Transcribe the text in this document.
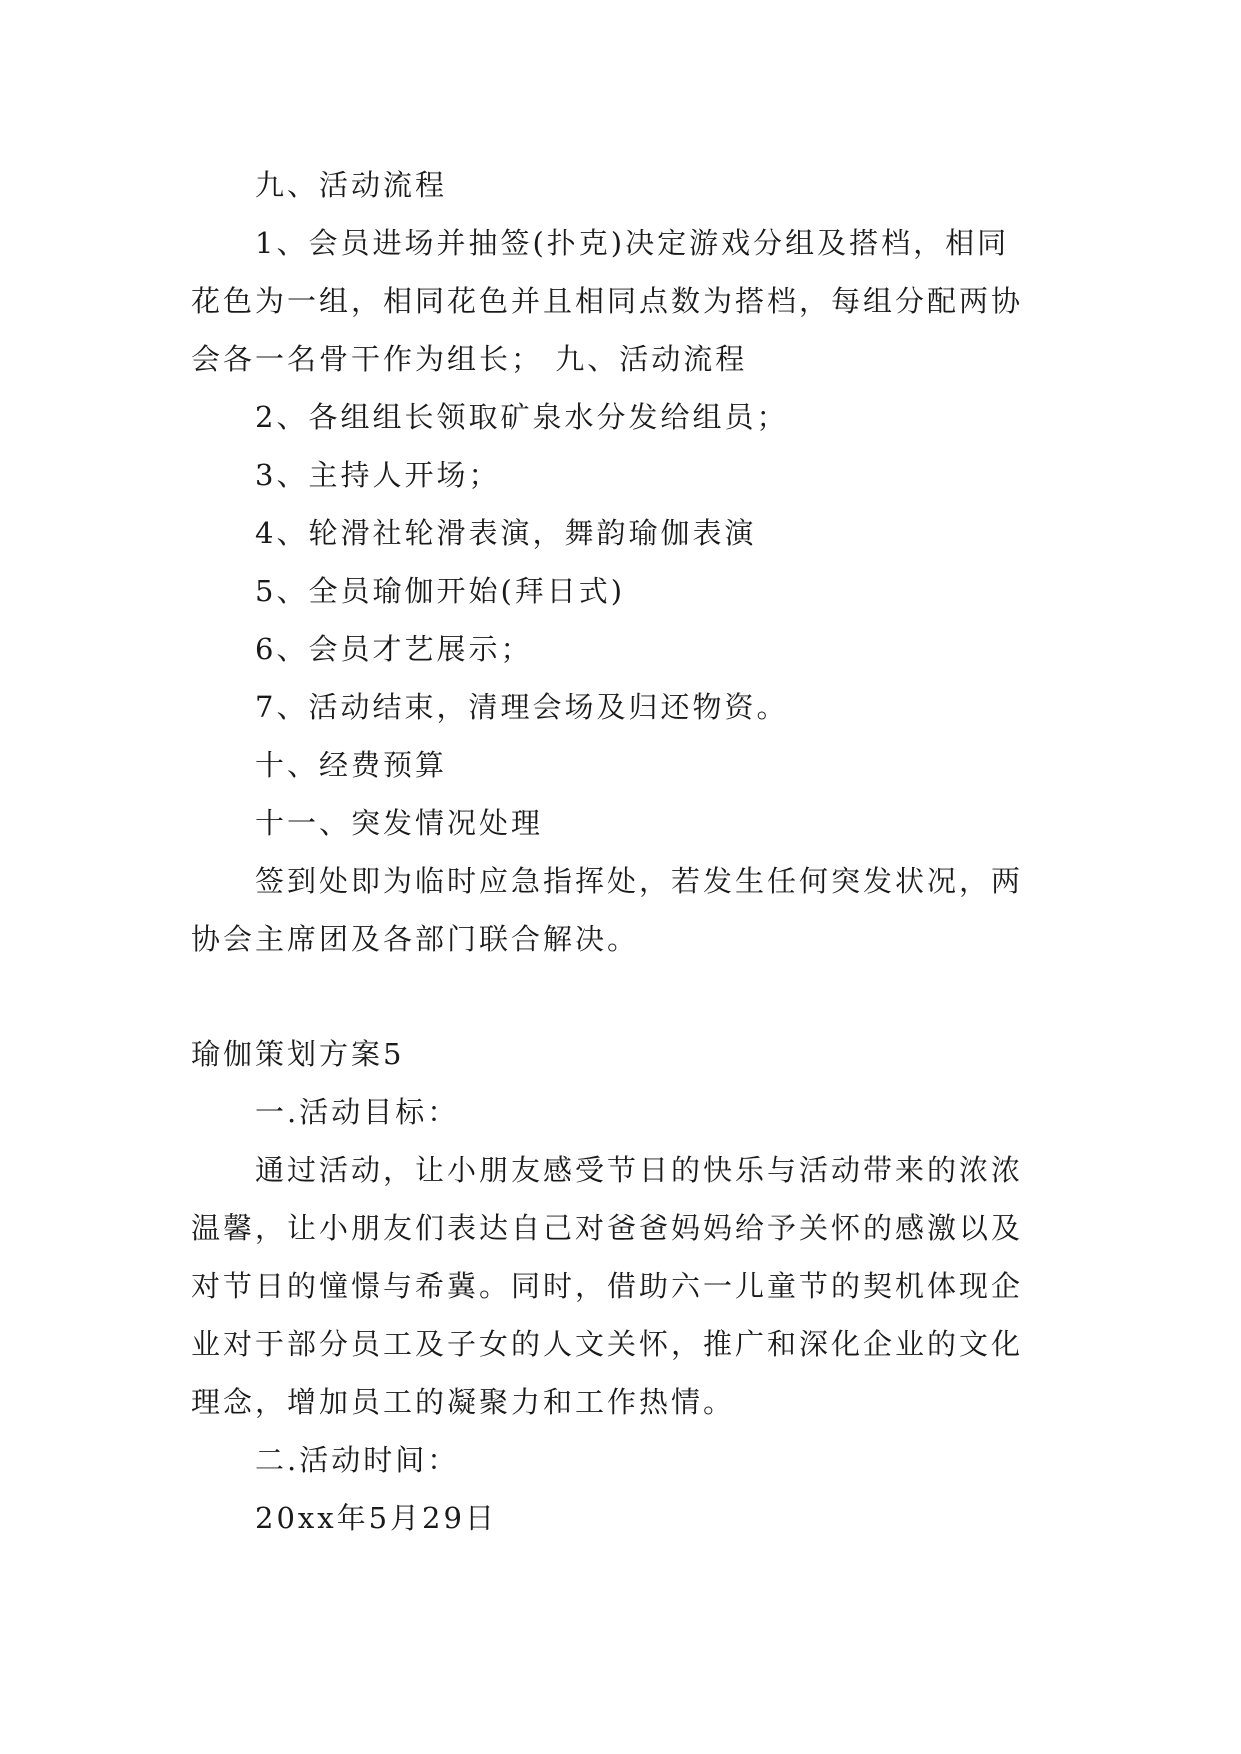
九、活动流程
1、会员进场并抽签(扑克)决定游戏分组及搭档，相同
花色为一组，相同花色并且相同点数为搭档，每组分配两协
会各一名骨干作为组长； 九、活动流程
2、各组组长领取矿泉水分发给组员；
3、主持人开场；
4、轮滑社轮滑表演，舞韵瑜伽表演
5、全员瑜伽开始(拜日式)
6、会员才艺展示；
7、活动结束，清理会场及归还物资。
十、经费预算
十一、突发情况处理
签到处即为临时应急指挥处，若发生任何突发状况，两
协会主席团及各部门联合解决。
瑜伽策划方案5
一.活动目标：
通过活动，让小朋友感受节日的快乐与活动带来的浓浓
温馨，让小朋友们表达自己对爸爸妈妈给予关怀的感激以及
对节日的憧憬与希冀。同时，借助六一儿童节的契机体现企
业对于部分员工及子女的人文关怀，推广和深化企业的文化
理念，增加员工的凝聚力和工作热情。
二.活动时间：
20xx年5月29日
